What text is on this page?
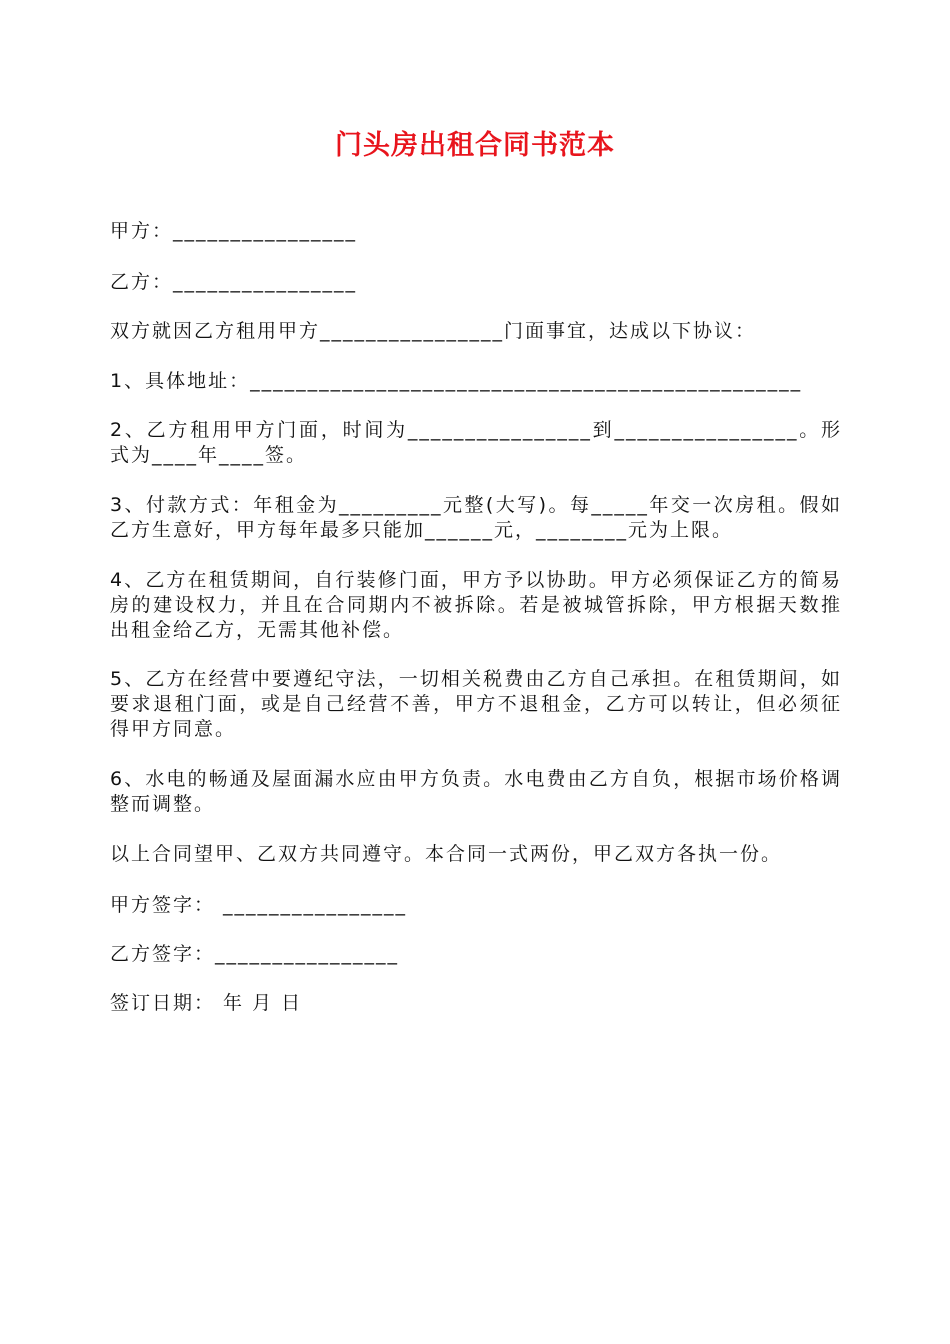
门头房出租合同书范本
甲方：________________
乙方：________________
双方就因乙方租用甲方________________门面事宜，达成以下协议：
1、具体地址：________________________________________________
2、乙方租用甲方门面，时间为________________到________________。形式为____年____签。
3、付款方式：年租金为_________元整(大写)。每_____年交一次房租。假如乙方生意好，甲方每年最多只能加______元，________元为上限。
4、乙方在租赁期间，自行装修门面，甲方予以协助。甲方必须保证乙方的简易房的建设权力，并且在合同期内不被拆除。若是被城管拆除，甲方根据天数推出租金给乙方，无需其他补偿。
5、乙方在经营中要遵纪守法，一切相关税费由乙方自己承担。在租赁期间，如要求退租门面，或是自己经营不善，甲方不退租金，乙方可以转让，但必须征得甲方同意。
6、水电的畅通及屋面漏水应由甲方负责。水电费由乙方自负，根据市场价格调整而调整。
以上合同望甲、乙双方共同遵守。本合同一式两份，甲乙双方各执一份。
甲方签字： ________________
乙方签字：________________
签订日期： 年 月 日
